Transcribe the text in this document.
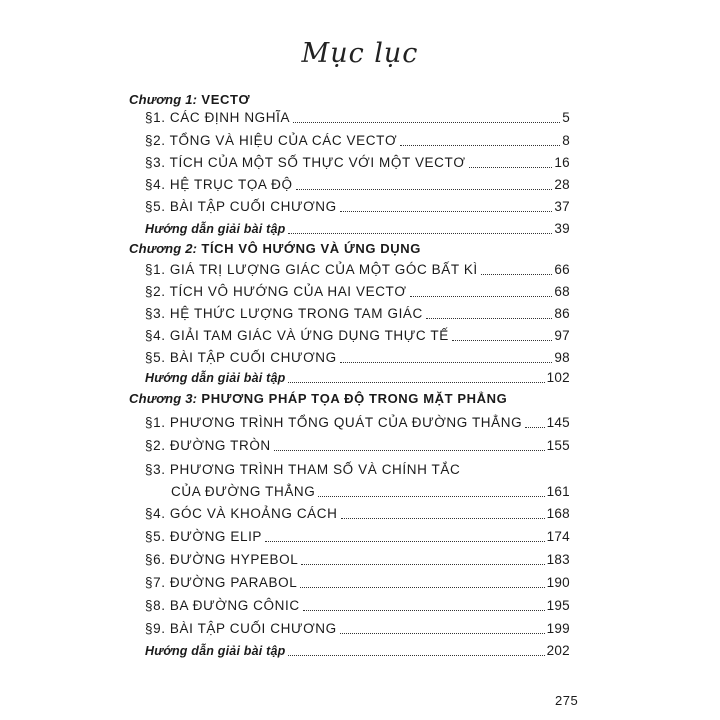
Mục lục
Chương 1: VECTƠ
§1. CÁC ĐỊNH NGHĨA	5
§2. TỔNG VÀ HIỆU CỦA CÁC VECTƠ	8
§3. TÍCH CỦA MỘT SỐ THỰC VỚI MỘT VECTƠ	16
§4. HỆ TRỤC TỌA ĐỘ	28
§5. BÀI TẬP CUỐI CHƯƠNG	37
Hướng dẫn giải bài tập	39
Chương 2: TÍCH VÔ HƯỚNG VÀ ỨNG DỤNG
§1. GIÁ TRỊ LƯỢNG GIÁC CỦA MỘT GÓC BẤT KÌ	66
§2. TÍCH VÔ HƯỚNG CỦA HAI VECTƠ	68
§3. HỆ THỨC LƯỢNG TRONG TAM GIÁC	86
§4. GIẢI TAM GIÁC VÀ ỨNG DỤNG THỰC TẾ	97
§5. BÀI TẬP CUỐI CHƯƠNG	98
Hướng dẫn giải bài tập	102
Chương 3: PHƯƠNG PHÁP TỌA ĐỘ TRONG MẶT PHẲNG
§1. PHƯƠNG TRÌNH TỔNG QUÁT CỦA ĐƯỜNG THẲNG 145
§2. ĐƯỜNG TRÒN	155
§3. PHƯƠNG TRÌNH THAM SỐ VÀ CHÍNH TẮC
CỦA ĐƯỜNG THẲNG	161
§4. GÓC VÀ KHOẢNG CÁCH	168
§5. ĐƯỜNG ELIP	174
§6. ĐƯỜNG HYPEBOL	183
§7. ĐƯỜNG PARABOL	190
§8. BA ĐƯỜNG CÔNIC	195
§9. BÀI TẬP CUỐI CHƯƠNG	199
Hướng dẫn giải bài tập	202
275
